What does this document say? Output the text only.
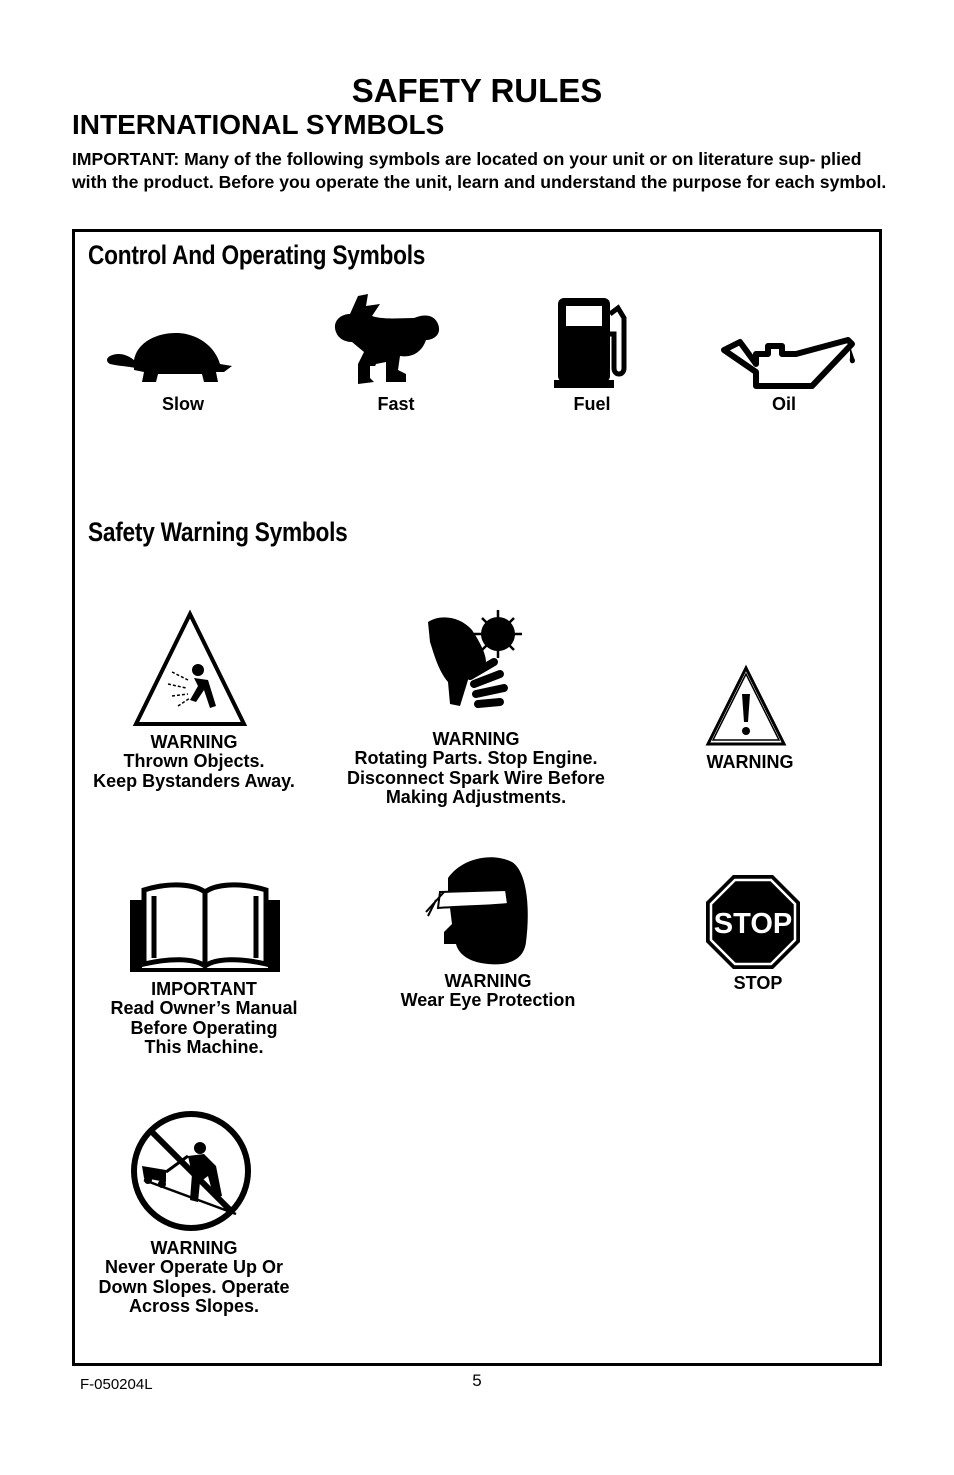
SAFETY RULES
INTERNATIONAL SYMBOLS

IMPORTANT: Many of the following symbols are located on your unit or on literature sup- plied with the product. Before you operate the unit, learn and understand the purpose for each symbol.

Control And Operating Symbols

Slow	Fast	Fuel	Oil

Safety Warning Symbols
WARNING
Thrown Objects.
Keep Bystanders Away.
WARNING
Rotating Parts. Stop Engine.
Disconnect Spark Wire Before
Making Adjustments.
WARNING
IMPORTANT
Read Owner’s Manual
Before Operating
This Machine.
WARNING
Wear Eye Protection
STOP
STOP
WARNING
Never Operate Up Or
Down Slopes. Operate
Across Slopes.

5

F-050204L
